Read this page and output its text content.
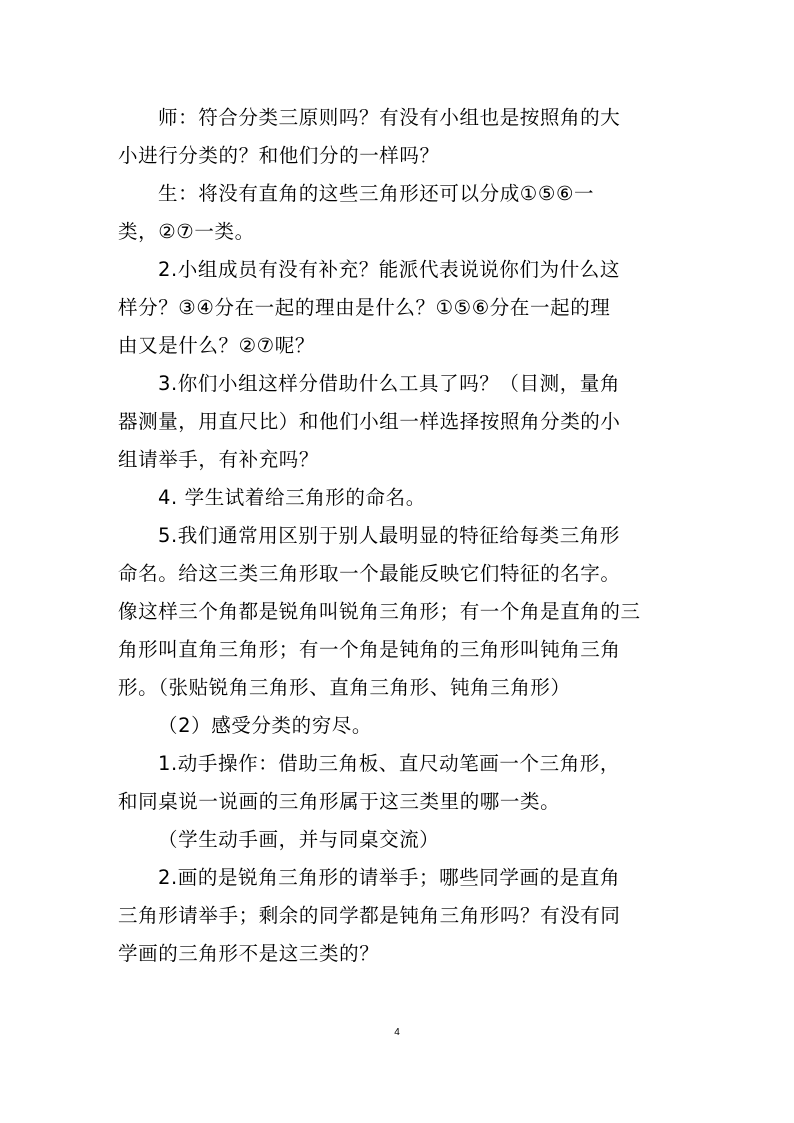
师：符合分类三原则吗？有没有小组也是按照角的大
小进行分类的？和他们分的一样吗？
生：将没有直角的这些三角形还可以分成①⑤⑥一
类，②⑦一类。
2.小组成员有没有补充？能派代表说说你们为什么这
样分？③④分在一起的理由是什么？①⑤⑥分在一起的理
由又是什么？②⑦呢？
3.你们小组这样分借助什么工具了吗？（目测，量角
器测量，用直尺比）和他们小组一样选择按照角分类的小
组请举手，有补充吗？
4. 学生试着给三角形的命名。
5.我们通常用区别于别人最明显的特征给每类三角形
命名。给这三类三角形取一个最能反映它们特征的名字。
像这样三个角都是锐角叫锐角三角形；有一个角是直角的三
角形叫直角三角形；有一个角是钝角的三角形叫钝角三角
形。（张贴锐角三角形、直角三角形、钝角三角形）
（2）感受分类的穷尽。
1.动手操作：借助三角板、直尺动笔画一个三角形，
和同桌说一说画的三角形属于这三类里的哪一类。
（学生动手画，并与同桌交流）
2.画的是锐角三角形的请举手；哪些同学画的是直角
三角形请举手；剩余的同学都是钝角三角形吗？有没有同
学画的三角形不是这三类的？
4
